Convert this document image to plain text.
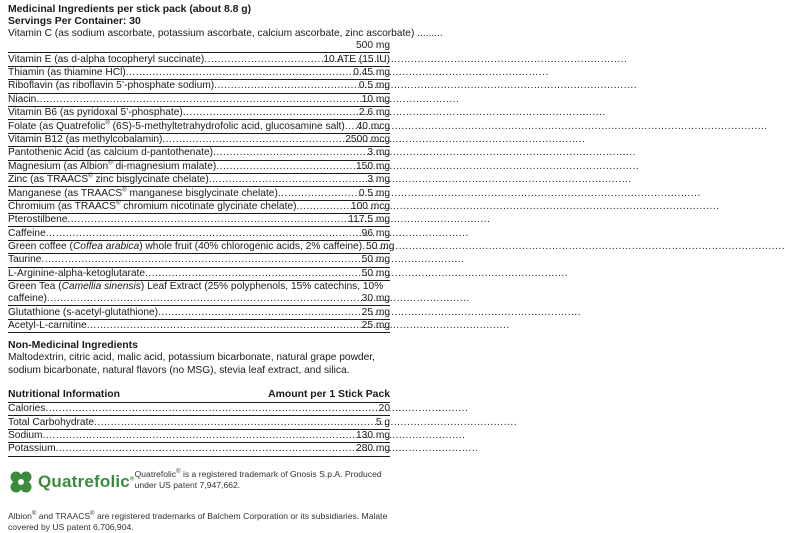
Medicinal Ingredients per stick pack (about 8.8 g)
Servings Per Container: 30
Vitamin C (as sodium ascorbate, potassium ascorbate, calcium ascorbate, zinc ascorbate) .........
500 mg
Vitamin E (as d-alpha tocopheryl succinate) .....	10 ATE (15 IU)
Thiamin (as thiamine HCl) .....	0.45 mg
Riboflavin (as riboflavin 5’-phosphate sodium) .....	0.5 mg
Niacin .....	10 mg
Vitamin B6 (as pyridoxal 5’-phosphate) .....	2.6 mg
Folate (as Quatrefolic® (6S)-5-methyltetrahydrofolic acid, glucosamine salt) ..... 40 mcg
Vitamin B12 (as methylcobalamin) .....	2500 mcg
Pantothenic Acid (as calcium d-pantothenate) .....	3 mg
Magnesium (as Albion® di-magnesium malate) .....	150 mg
Zinc (as TRAACS® zinc bisglycinate chelate) .....	3 mg
Manganese (as TRAACS® manganese bisglycinate chelate) .....	0.5 mg
Chromium (as TRAACS® chromium nicotinate glycinate chelate) .....	100 mcg
Pterostilbene .....	117.5 mg
Caffeine .....	96 mg
Green coffee (Coffea arabica) whole fruit (40% chlorogenic acids, 2% caffeine) ..... 50 mg
Taurine .....	50 mg
L-Arginine-alpha-ketoglutarate .....	50 mg
Green Tea (Camellia sinensis) Leaf Extract (25% polyphenols, 15% catechins, 10%
caffeine) .....	30 mg
Glutathione (s-acetyl-glutathione) .....	25 mg
Acetyl-L-carnitine .....	25 mg
Non-Medicinal Ingredients
Maltodextrin, citric acid, malic acid, potassium bicarbonate, natural grape powder, sodium bicarbonate, natural flavors (no MSG), stevia leaf extract, and silica.
Nutritional Information	Amount per 1 Stick Pack
Calories .....	20
Total Carbohydrate .....	5 g
Sodium .....	130 mg
Potassium .....	280 mg
Quatrefolic®
Quatrefolic® is a registered trademark of Gnosis S.p.A. Produced under US patent 7,947,662.
Albion® and TRAACS® are registered trademarks of Balchem Corporation or its subsidiaries. Malate covered by US patent 6,706,904.
